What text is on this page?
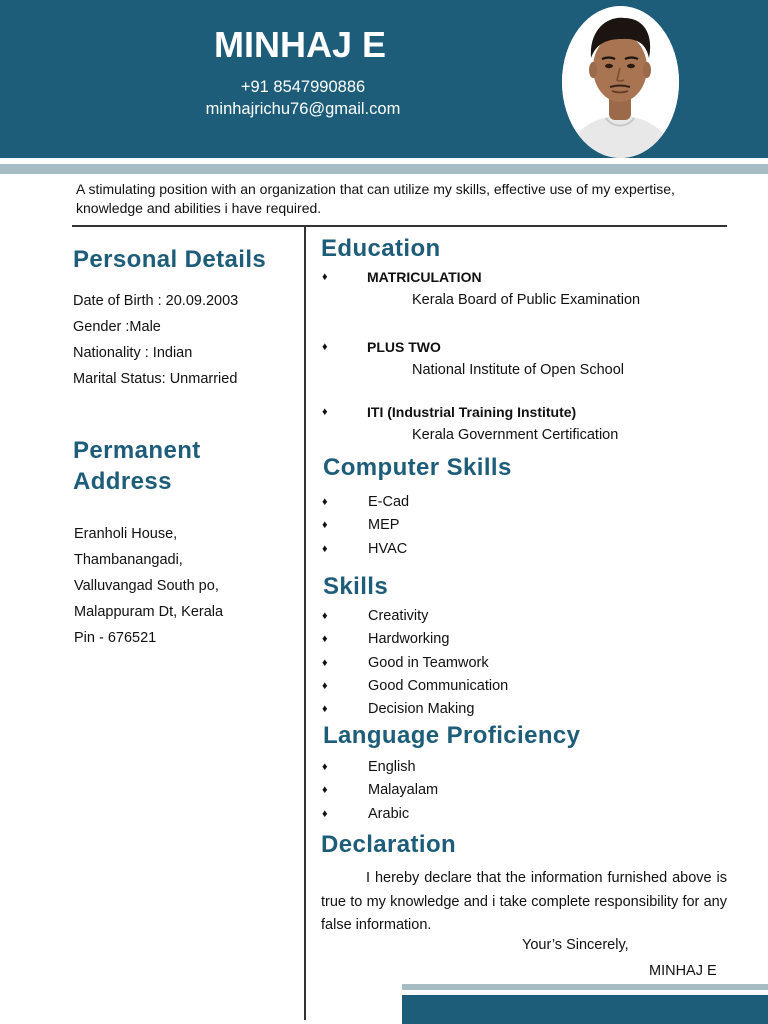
MINHAJ E
+91 8547990886
minhajrichu76@gmail.com
A stimulating position with an organization that can utilize my skills, effective use of my expertise, knowledge and abilities i have required.
Personal Details
Date of Birth : 20.09.2003
Gender :Male
Nationality : Indian
Marital Status: Unmarried
Permanent
Address
Eranholi House,
Thambanangadi,
Valluvangad South po,
Malappuram Dt, Kerala
Pin - 676521
Education
♦	MATRICULATION
Kerala Board of Public Examination
♦	PLUS TWO
National Institute of Open School
♦	ITI (Industrial Training Institute)
Kerala Government Certification
Computer Skills
♦	E-Cad
♦	MEP
♦	HVAC
Skills
♦	Creativity
♦	Hardworking
♦	Good in Teamwork
♦	Good Communication
♦	Decision Making
Language Proficiency
♦	English
♦	Malayalam
♦	Arabic
Declaration
I hereby declare that the information furnished above is true to my knowledge and i take complete responsibility for any false information.
Your’s Sincerely,
MINHAJ E
